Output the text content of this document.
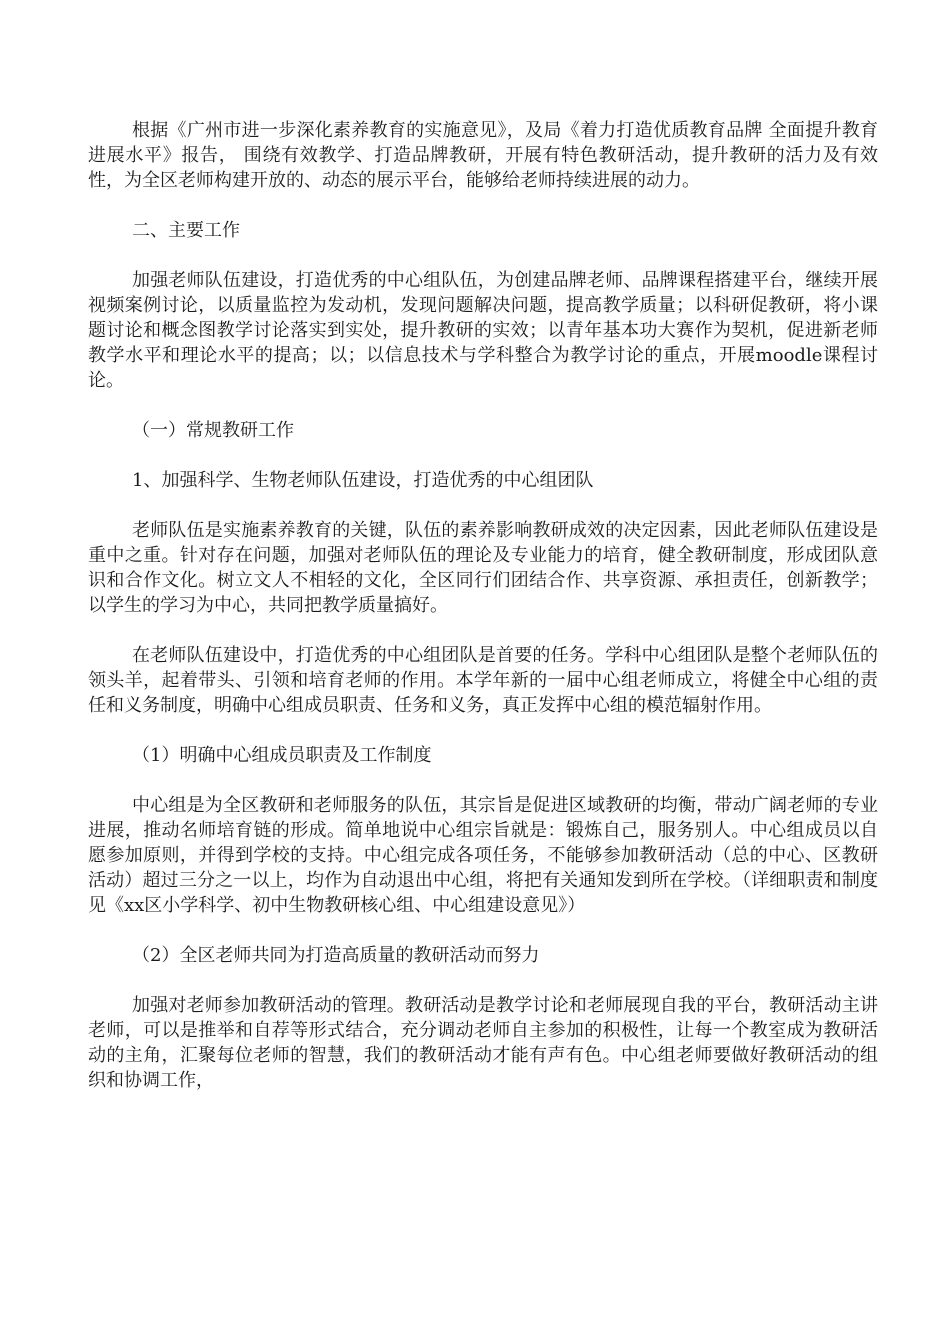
根据《广州市进一步深化素养教育的实施意见》，及局《着力打造优质教育品牌 全面提升教育进展水平》报告， 围绕有效教学、打造品牌教研，开展有特色教研活动，提升教研的活力及有效性，为全区老师构建开放的、动态的展示平台，能够给老师持续进展的动力。

二、主要工作

加强老师队伍建设，打造优秀的中心组队伍，为创建品牌老师、品牌课程搭建平台，继续开展视频案例讨论，以质量监控为发动机，发现问题解决问题，提高教学质量；以科研促教研，将小课题讨论和概念图教学讨论落实到实处，提升教研的实效；以青年基本功大赛作为契机，促进新老师教学水平和理论水平的提高；以；以信息技术与学科整合为教学讨论的重点，开展moodle课程讨论。

（一）常规教研工作

1、加强科学、生物老师队伍建设，打造优秀的中心组团队

老师队伍是实施素养教育的关键，队伍的素养影响教研成效的决定因素，因此老师队伍建设是重中之重。针对存在问题，加强对老师队伍的理论及专业能力的培育，健全教研制度，形成团队意识和合作文化。树立文人不相轻的文化，全区同行们团结合作、共享资源、承担责任，创新教学；以学生的学习为中心，共同把教学质量搞好。

在老师队伍建设中，打造优秀的中心组团队是首要的任务。学科中心组团队是整个老师队伍的领头羊，起着带头、引领和培育老师的作用。本学年新的一届中心组老师成立，将健全中心组的责任和义务制度，明确中心组成员职责、任务和义务，真正发挥中心组的模范辐射作用。

（1）明确中心组成员职责及工作制度

中心组是为全区教研和老师服务的队伍，其宗旨是促进区域教研的均衡，带动广阔老师的专业进展，推动名师培育链的形成。简单地说中心组宗旨就是：锻炼自己，服务别人。中心组成员以自愿参加原则，并得到学校的支持。中心组完成各项任务，不能够参加教研活动（总的中心、区教研活动）超过三分之一以上，均作为自动退出中心组，将把有关通知发到所在学校。（详细职责和制度见《xx区小学科学、初中生物教研核心组、中心组建设意见》）

（2）全区老师共同为打造高质量的教研活动而努力

加强对老师参加教研活动的管理。教研活动是教学讨论和老师展现自我的平台，教研活动主讲老师，可以是推举和自荐等形式结合，充分调动老师自主参加的积极性，让每一个教室成为教研活动的主角，汇聚每位老师的智慧，我们的教研活动才能有声有色。中心组老师要做好教研活动的组织和协调工作，
